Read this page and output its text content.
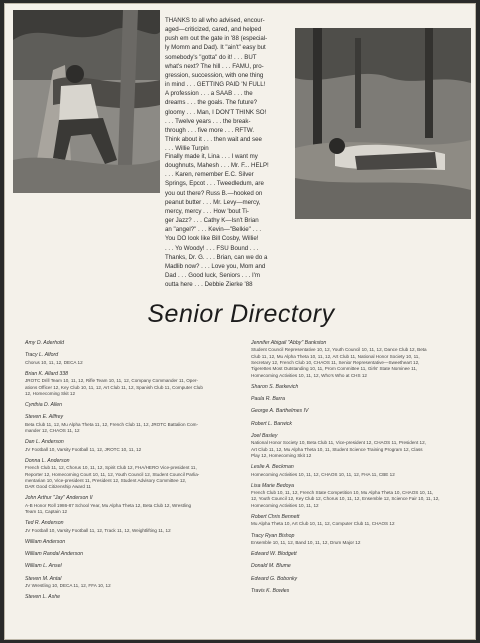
THANKS to all who advised, encour-
aged—criticized, cared, and helped
push em out the gate in '88 (especial-
ly Momm and Dad). It "ain't" easy but
somebody's "gotta" do it! . . . BUT
what's next? The hill . . . FAMU, pro-
gression, succession, with one thing
in mind . . . GETTING PAID 'N FULL!
A profession . . . a SAAB . . . the
dreams . . . the goals. The future?
gloomy . . . Man, I DON'T THINK SO!
. . . Twelve years . . . the break-
through . . . five more . . . RFTW.
Think about it . . . then wait and see
. . . Willie Turpin
Finally made it, Lina . . . I want my
doughnuts, Mahesh . . . Mr. F... HELP!
. . . Karen, remember E.C. Silver
Springs, Epcot . . . Tweedledum, are
you out there? Russ B.—hooked on
peanut butter . . . Mr. Levy—mercy,
mercy, mercy . . . How 'bout Ti-
ger Jazz? . . . Cathy K—Isn't Brian
an "angel?" . . . Kevin—"Belkie" . . .
You DO look like Bill Cosby, Willie!
. . . Yo Woody! . . . FSU Bound . . .
Thanks, Dr. G. . . . Brian, can we do a
Madlib now? . . . Love you, Mom and
Dad . . . Good luck, Seniors . . . I'm
outta here . . . Debbie Zierke '88
Senior Directory
Amy D. Aderhold
Tracy L. Alford
Chorus 10, 11, 12, DECA 12
Brian K. Allard 338
JROTC Drill Team 10, 11, 12, Rifle Team 10, 11, 12, Company Commander 11, Oper-
ations Officer 12, Key Club 10, 11, 12, Art Club 11, 12, Spanish Club 11, Computer Club
12, Homecoming Skit 12
Cynthia D. Allen
Steven E. Allfrey
Beta Club 11, 12, Mu Alpha Theta 11, 12, French Club 11, 12, JROTC Battalion Com-
mander 12, CHAOS 11, 12
Dan L. Anderson
JV Football 10, Varsity Football 11, 12, JROTC 10, 11, 12
Donna L. Anderson
French Club 11, 12, Chorus 10, 11, 12, Spirit Club 12, FHA/HERO Vice-president 11,
Reporter 12, Homecoming Court 10, 11, 12, Youth Council 12, Student Council Parlia-
mentarian 10, Vice-president 11, President 12, Student Advisory Committee 12,
DAR Good Citizenship Award 11
John Arthur "Jay" Anderson II
A-B Honor Roll 1986-87 School Year, Mu Alpha Theta 12, Beta Club 12, Wrestling
Team 11, Captain 12
Ted R. Anderson
JV Football 10, Varsity Football 11, 12, Track 11, 12, Weightlifting 11, 12
William Anderson
William Randal Anderson
William L. Ansel
Steven M. Antal
JV Wrestling 10, DECA 11, 12, FFA 10, 12
Steven L. Ashe
Jennifer Abigail "Abby" Bankston
Student Council Representative 10, 12, Youth Council 10, 11, 12, Dance Club 12, Beta
Club 11, 12, Mu Alpha Theta 10, 11, 12, Art Club 11, National Honor Society 10, 11,
Secretary 12, French Club 10, CHAOS 11, Senior Representative—Sweetheart 12,
Tigerettes Most Outstanding 10, 11, Prom Committee 11, Girls' State Nominee 11,
Homecoming Activities 10, 11, 12, Who's Who at CHS 12
Sharon S. Barkevich
Paula R. Barra
George A. Barthelmes IV
Robert L. Barwick
Joel Basley
National Honor Society 10, Beta Club 11, Vice-president 12, CHAOS 11, President 12,
Art Club 11, 12, Mu Alpha Theta 10, 11, Student Science Training Program 12, Class
Play 12, Homecoming Skit 12
Leslie A. Beckman
Homecoming Activities 10, 11, 12, CHAOS 10, 11, 12, FHA 11, CBE 12
Lisa Marie Bedoya
French Club 10, 11, 12, French State Competition 10, Mu Alpha Theta 10, CHAOS 10, 11,
12, Youth Council 12, Key Club 12, Chorus 10, 11, 12, Ensemble 12, Science Fair 10, 11, 12,
Homecoming Activities 10, 11, 12
Robert Chris Bennett
Mu Alpha Theta 10, Art Club 10, 11, 12, Computer Club 11, CHAOS 12
Tracy Ryan Bishop
Ensemble 10, 11, 12, Band 10, 11, 12, Drum Major 12
Edward W. Blodgett
Donald M. Blume
Edward G. Bobonky
Travis K. Bowles
